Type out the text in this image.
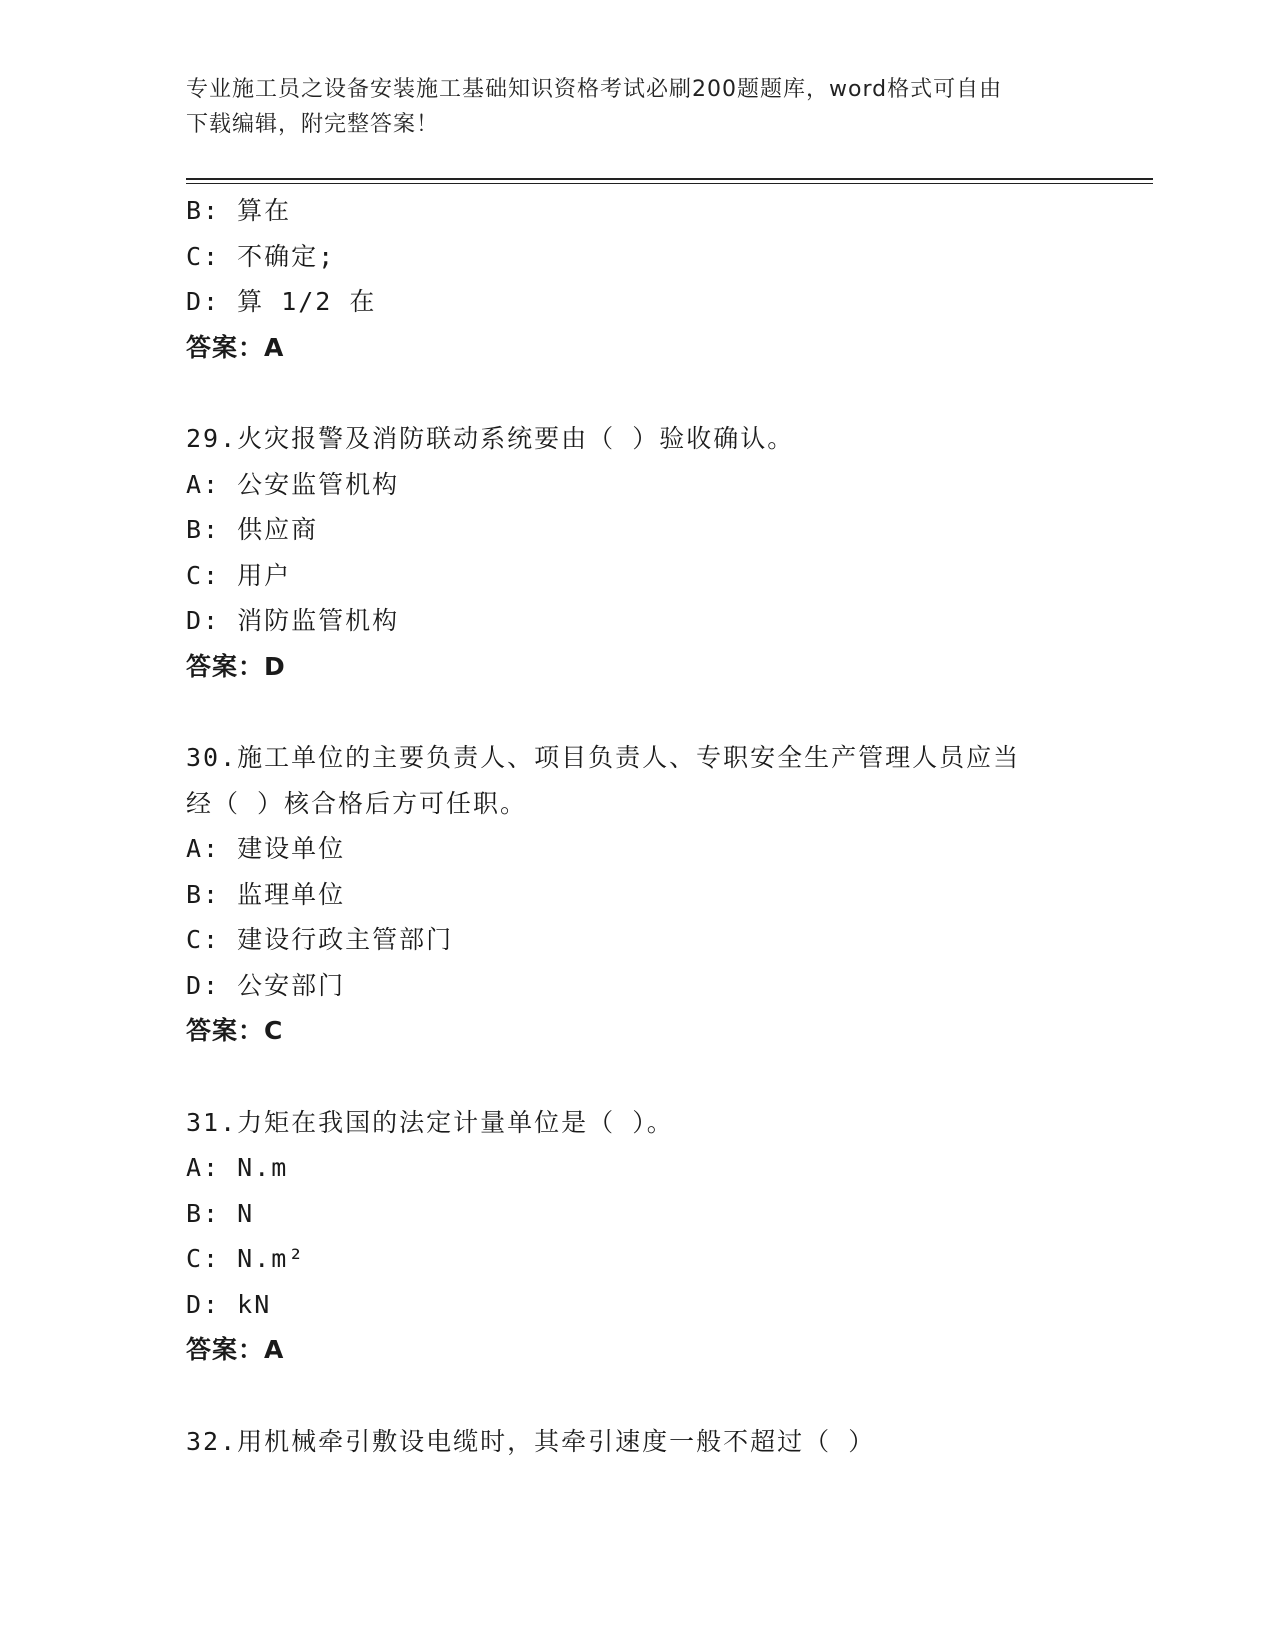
专业施工员之设备安装施工基础知识资格考试必刷200题题库，word格式可自由
下载编辑，附完整答案！
B: 算在
C: 不确定;
D: 算 1/2 在
答案：A
29.火灾报警及消防联动系统要由（ ）验收确认。
A: 公安监管机构
B: 供应商
C: 用户
D: 消防监管机构
答案：D
30.施工单位的主要负责人、项目负责人、专职安全生产管理人员应当
经（ ）核合格后方可任职。
A: 建设单位
B: 监理单位
C: 建设行政主管部门
D: 公安部门
答案：C
31.力矩在我国的法定计量单位是（ ）。
A: N.m
B: N
C: N.m²
D: kN
答案：A
32.用机械牵引敷设电缆时，其牵引速度一般不超过（ ）
